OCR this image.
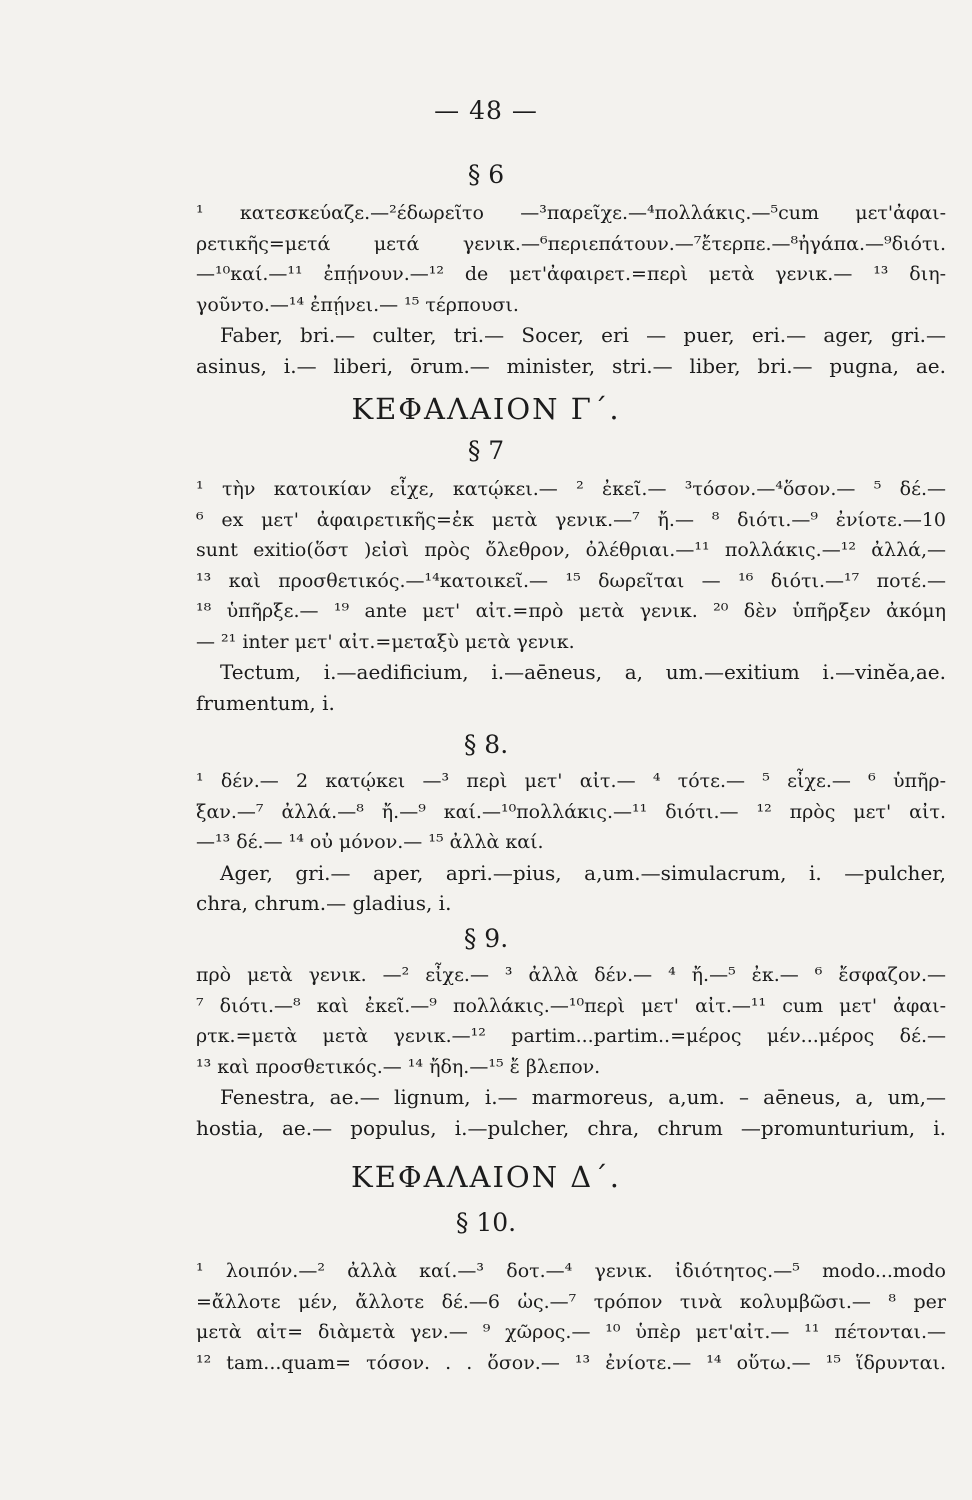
— 48 —
§ 6
¹ κατεσκεύαζε.—²έδωρεῖτο —³παρεῖχε.—⁴πολλάκις.—⁵cum μετ'ἀφαι-
ρετικῆς=μετά μετά γενικ.—⁶περιεπάτουν.—⁷ἔτερπε.—⁸ἠγάπα.—⁹διότι.
—¹⁰καί.—¹¹ ἐπῄνουν.—¹² de μετ'ἀφαιρετ.=περὶ μετὰ γενικ.— ¹³ διη-
γοῦντο.—¹⁴ ἐπῄνει.— ¹⁵ τέρπουσι.
Faber, bri.— culter, tri.— Socer, eri — puer, eri.— ager, gri.—
asinus, i.— liberi, ōrum.— minister, stri.— liber, bri.— pugna, ae.
ΚΕΦΑΛΑΙΟΝ Γ΄.
§ 7
¹ τὴν κατοικίαν εἶχε, κατῴκει.— ² ἐκεῖ.— ³τόσον.—⁴ὅσον.— ⁵ δέ.—
⁶ ex μετ' ἀφαιρετικῆς=ἐκ μετὰ γενικ.—⁷ ἤ.— ⁸ διότι.—⁹ ἐνίοτε.—10
sunt exitio(ὅστ )εἰσὶ πρὸς ὄλεθρον, ὀλέθριαι.—¹¹ πολλάκις.—¹² ἀλλά,—
¹³ καὶ προσθετικός.—¹⁴κατοικεῖ.— ¹⁵ δωρεῖται — ¹⁶ διότι.—¹⁷ ποτέ.—
¹⁸ ὑπῆρξε.— ¹⁹ ante μετ' αἰτ.=πρὸ μετὰ γενικ. ²⁰ δὲν ὑπῆρξεν ἀκόμη
— ²¹ inter μετ' αἰτ.=μεταξὺ μετὰ γενικ.
Tectum, i.—aedificium, i.—aēneus, a, um.—exitium i.—vinĕa,ae.
frumentum, i.
§ 8.
¹ δέν.— 2 κατῴκει —³ περὶ μετ' αἰτ.— ⁴ τότε.— ⁵ εἶχε.— ⁶ ὑπῆρ-
ξαν.—⁷ ἀλλά.—⁸ ἤ.—⁹ καί.—¹⁰πολλάκις.—¹¹ διότι.— ¹² πρὸς μετ' αἰτ.
—¹³ δέ.— ¹⁴ οὐ μόνον.— ¹⁵ ἀλλὰ καί.
Ager, gri.— aper, apri.—pius, a,um.—simulacrum, i. —pulcher,
chra, chrum.— gladius, i.
§ 9.
πρὸ μετὰ γενικ. —² εἶχε.— ³ ἀλλὰ δέν.— ⁴ ἤ.—⁵ ἐκ.— ⁶ ἔσφαζον.—
⁷ διότι.—⁸ καὶ ἐκεῖ.—⁹ πολλάκις.—¹⁰περὶ μετ' αἰτ.—¹¹ cum μετ' ἀφαι-
ρτκ.=μετὰ μετὰ γενικ.—¹² partim...partim..=μέρος μέν...μέρος δέ.—
¹³ καὶ προσθετικός.— ¹⁴ ἤδη.—¹⁵ ἔ βλεπον.
Fenestra, ae.— lignum, i.— marmoreus, a,um. – aēneus, a, um,—
hostia, ae.— populus, i.—pulcher, chra, chrum —promunturium, i.
ΚΕΦΑΛΑΙΟΝ Δ΄.
§ 10.
¹ λοιπόν.—² ἀλλὰ καί.—³ δοτ.—⁴ γενικ. ἰδιότητος.—⁵ modo...modo
=ἄλλοτε μέν, ἄλλοτε δέ.—6 ὡς.—⁷ τρόπον τινὰ κολυμβῶσι.— ⁸ per
μετὰ αἰτ= διὰμετὰ γεν.— ⁹ χῶρος.— ¹⁰ ὑπὲρ μετ'αἰτ.— ¹¹ πέτονται.—
¹² tam...quam= τόσον. . . ὅσον.— ¹³ ἐνίοτε.— ¹⁴ οὕτω.— ¹⁵ ἵδρυνται.
